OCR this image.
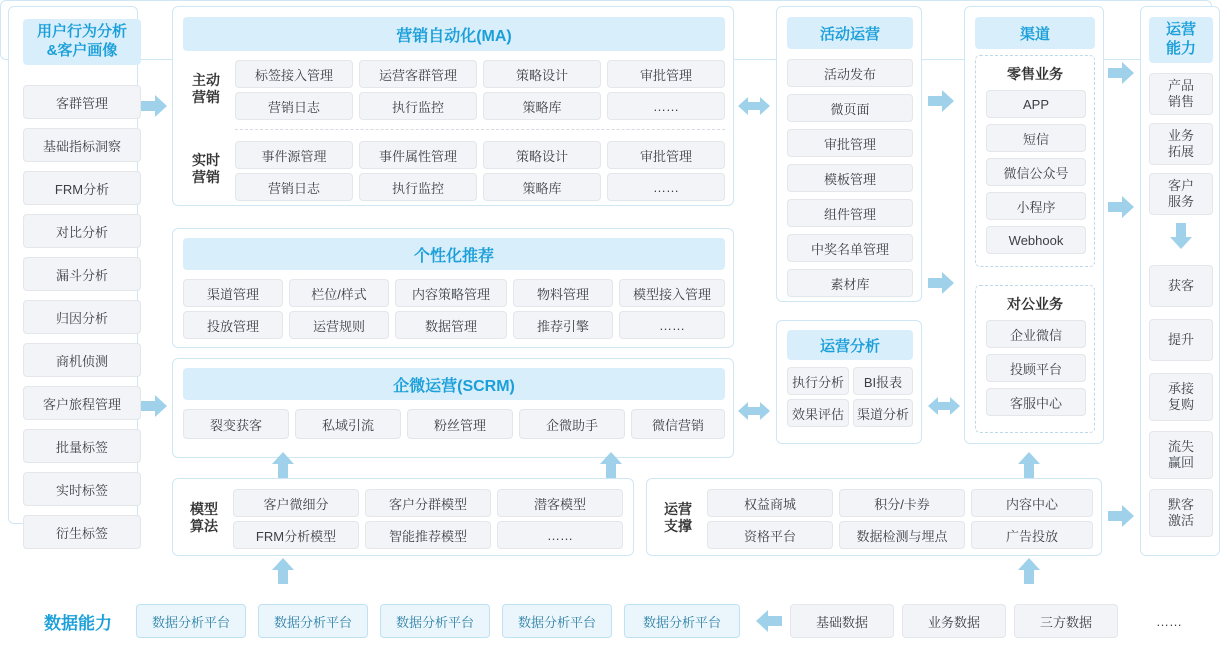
用户行为分析
&客户画像
客群管理
基础指标洞察
FRM分析
对比分析
漏斗分析
归因分析
商机侦测
客户旅程管理
批量标签
实时标签
衍生标签
营销自动化(MA)
主动
营销
标签接入管理	运营客群管理	策略设计	审批管理
营销日志	执行监控	策略库	……
实时
营销
事件源管理	事件属性管理	策略设计	审批管理
营销日志	执行监控	策略库	……
个性化推荐
渠道管理	栏位/样式	内容策略管理	物料管理	模型接入管理
投放管理	运营规则	数据管理	推荐引擎	……
企微运营(SCRM)
裂变获客	私域引流	粉丝管理	企微助手	微信营销
模型
算法
客户微细分	客户分群模型	潜客模型
FRM分析模型	智能推荐模型	……
运营
支撑
权益商城	积分/卡券	内容中心
资格平台	数据检测与埋点	广告投放
活动运营
活动发布
微页面
审批管理
模板管理
组件管理
中奖名单管理
素材库
运营分析
执行分析	BI报表
效果评估 渠道分析
渠道
零售业务
APP
短信
微信公众号
小程序
Webhook
对公业务
企业微信
投顾平台
客服中心
运营
能力
产品
销售
业务
拓展
客户
服务
获客
提升
承接
复购
流失
赢回
默客
激活
数据能力	数据分析平台	数据分析平台	数据分析平台	数据分析平台	数据分析平台	基础数据	业务数据	三方数据	……
